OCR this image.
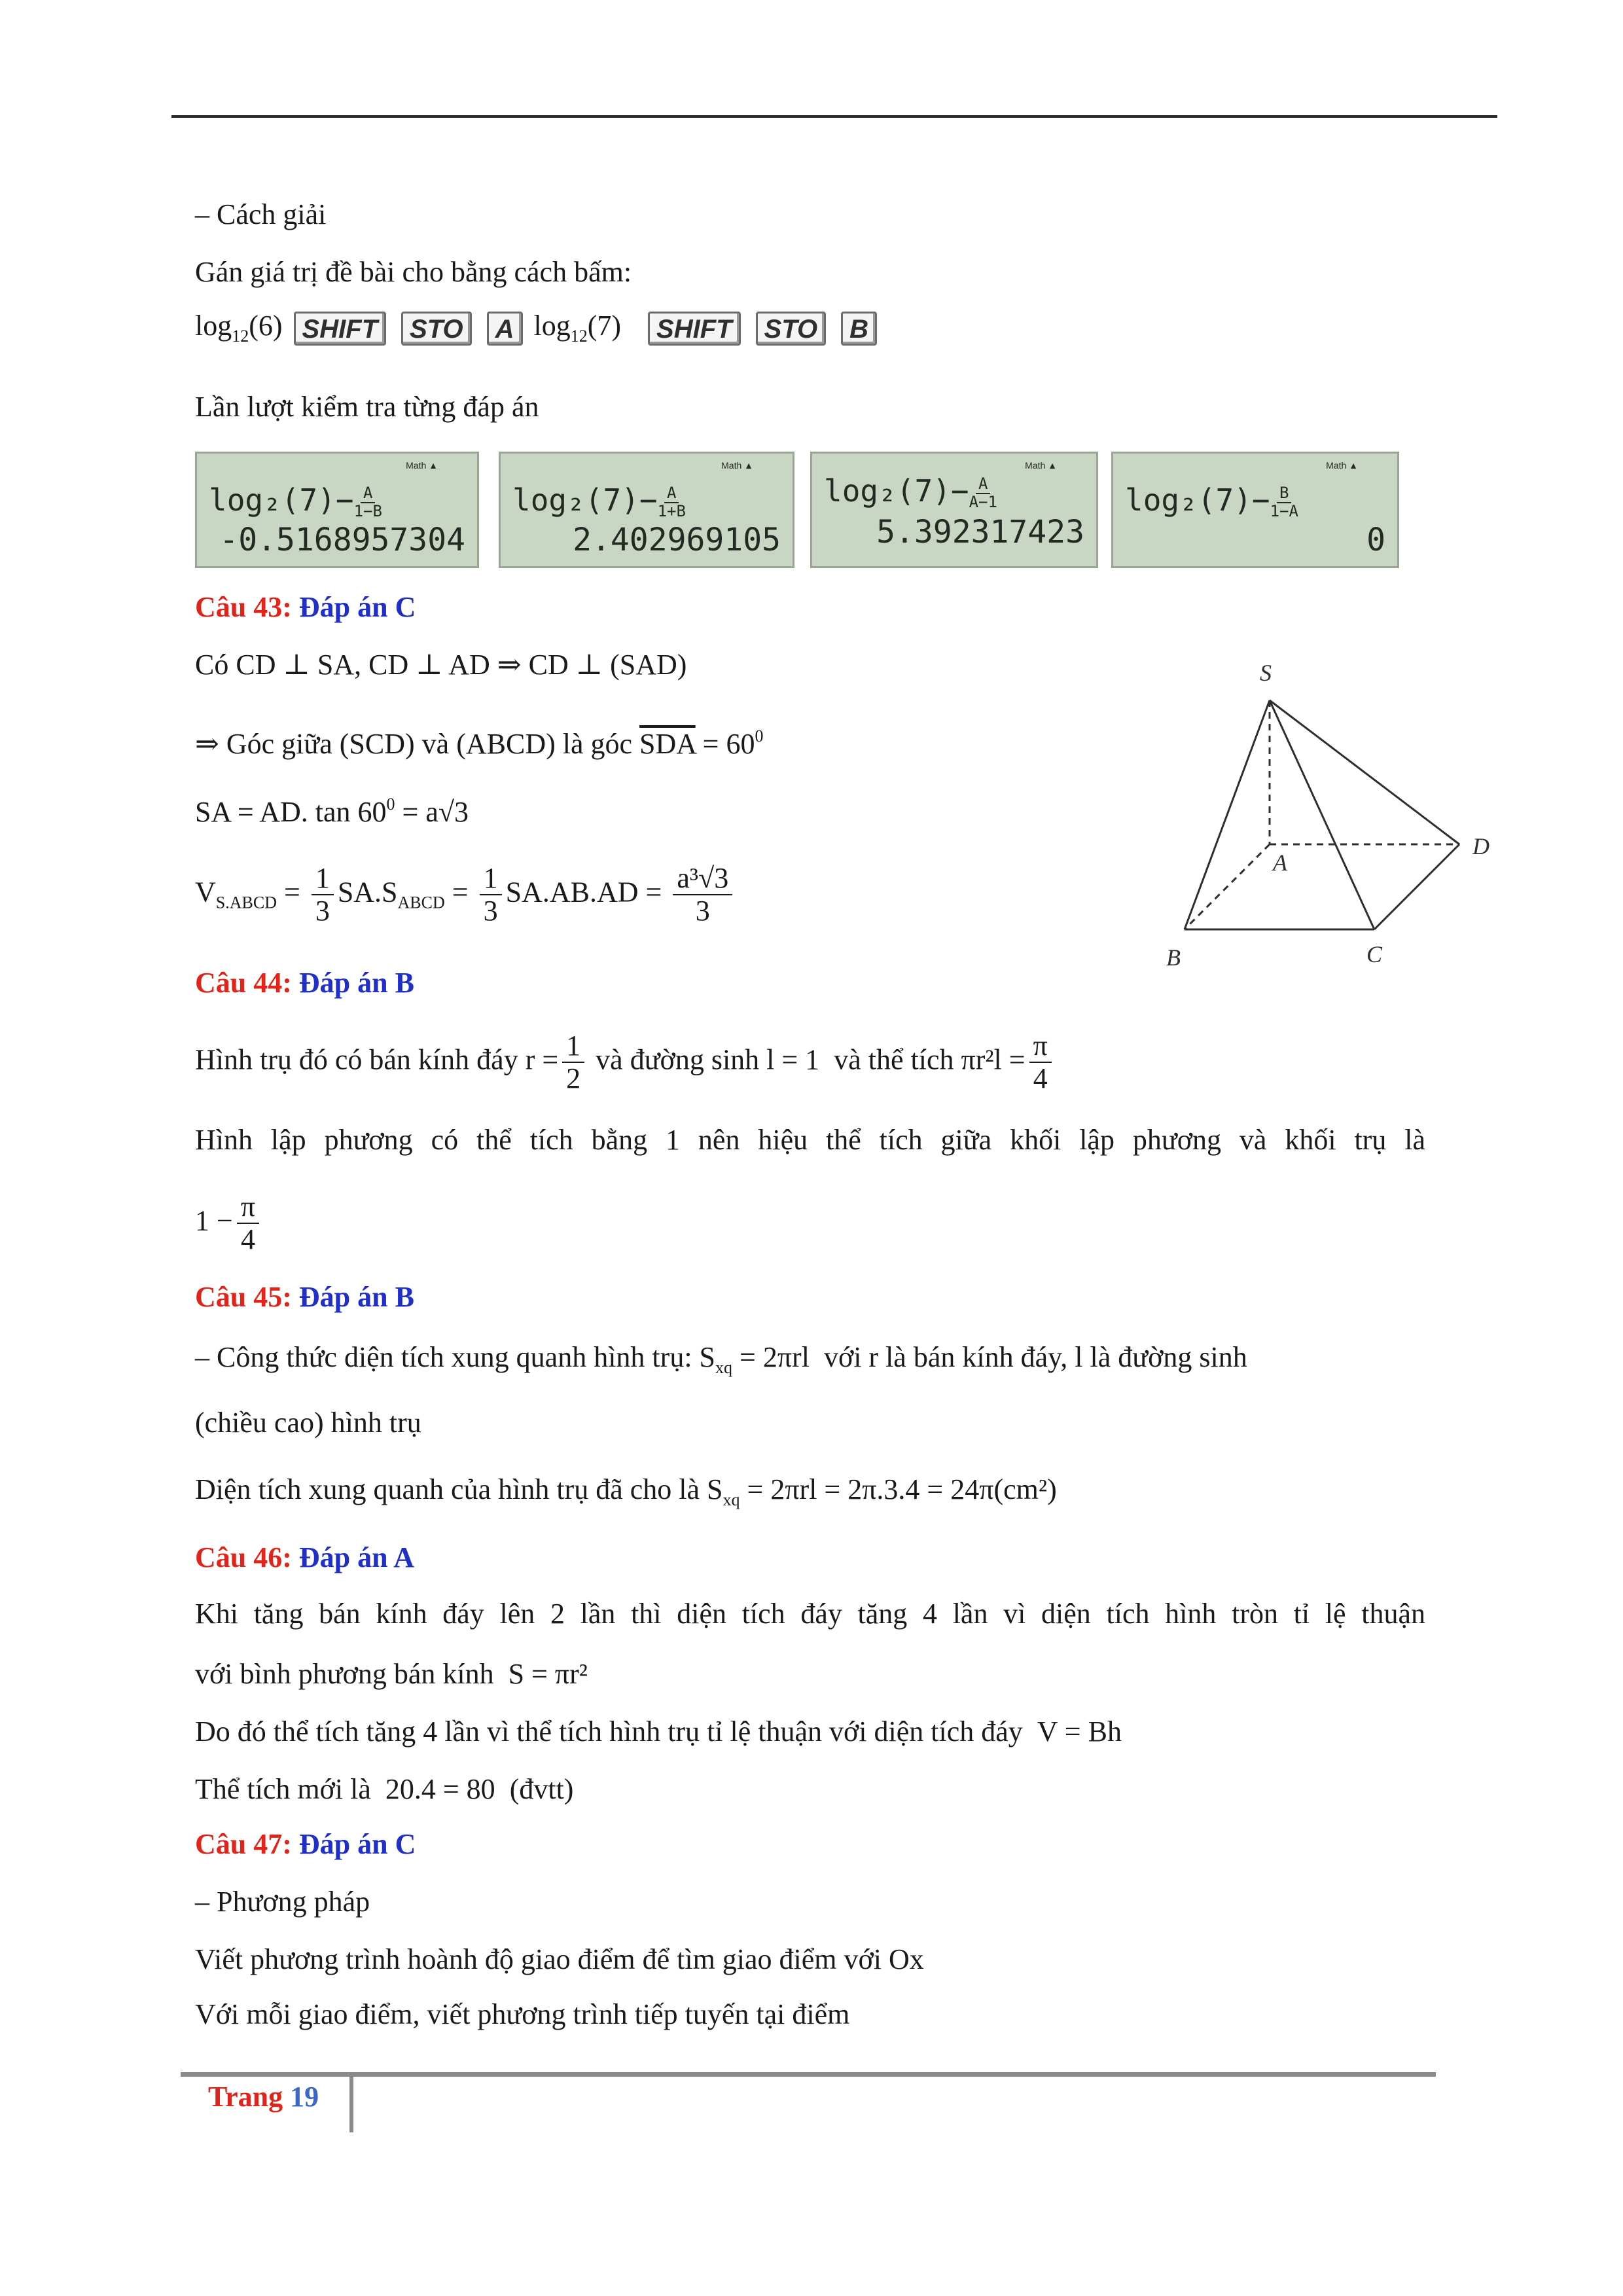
– Cách giải
Gán giá trị đề bài cho bằng cách bấm:
$\log_{12}(6)$ SHIFT STO A $\log_{12}(7)$ SHIFT STO B
Lần lượt kiểm tra từng đáp án
Math ▲
$\log_2(7)- \frac{A}{1-B}$
-0.5168957304
Math ▲
$\log_2(7)- \frac{A}{1+B}$
2.402969105
Math ▲
$\log_2(7)- \frac{A}{A-1}$
5.392317423
Math ▲
$\log_2(7)- \frac{B}{1-A}$
0
Câu 43: Đáp án C
Có CD ⊥ SA, CD ⊥ AD ⇒ CD ⊥ (SAD)
⇒ Góc giữa (SCD) và (ABCD) là góc $\overline{SDA} = 60^0$
SA = AD. $\tan 60^0 = a√3$
$V_{S.ABCD} = \frac{1}{3} SA.S_{ABCD} = \frac{1}{3} SA.AB.AD = \frac{\text{a³√3}}{3}$
S
A
B	C
D
Câu 44: Đáp án B
Hình trụ đó có bán kính đáy $r = \frac{1}{2}$ và đường sinh l = 1 và thể tích $\pi r^2l = \frac{\pi}{4}$
Hình lập phương có thể tích bằng 1 nên hiệu thể tích giữa khối lập phương và khối trụ là
$1 - \frac{\pi}{4}$
Câu 45: Đáp án B
– Công thức diện tích xung quanh hình trụ: $S_{xq} = 2\pi rl$ với r là bán kính đáy, l là đường sinh
(chiều cao) hình trụ
Diện tích xung quanh của hình trụ đã cho là $S_{xq} = 2\pi rl = 2\pi.3.4 = 24\pi(cm^2)$
Câu 46: Đáp án A
Khi tăng bán kính đáy lên 2 lần thì diện tích đáy tăng 4 lần vì diện tích hình tròn tỉ lệ thuận
với bình phương bán kính S = πr²
Do đó thể tích tăng 4 lần vì thể tích hình trụ tỉ lệ thuận với diện tích đáy V = Bh
Thể tích mới là 20.4 = 80 (đvtt)
Câu 47: Đáp án C
– Phương pháp
Viết phương trình hoành độ giao điểm để tìm giao điểm với Ox
Với mỗi giao điểm, viết phương trình tiếp tuyến tại điểm
Trang 19
